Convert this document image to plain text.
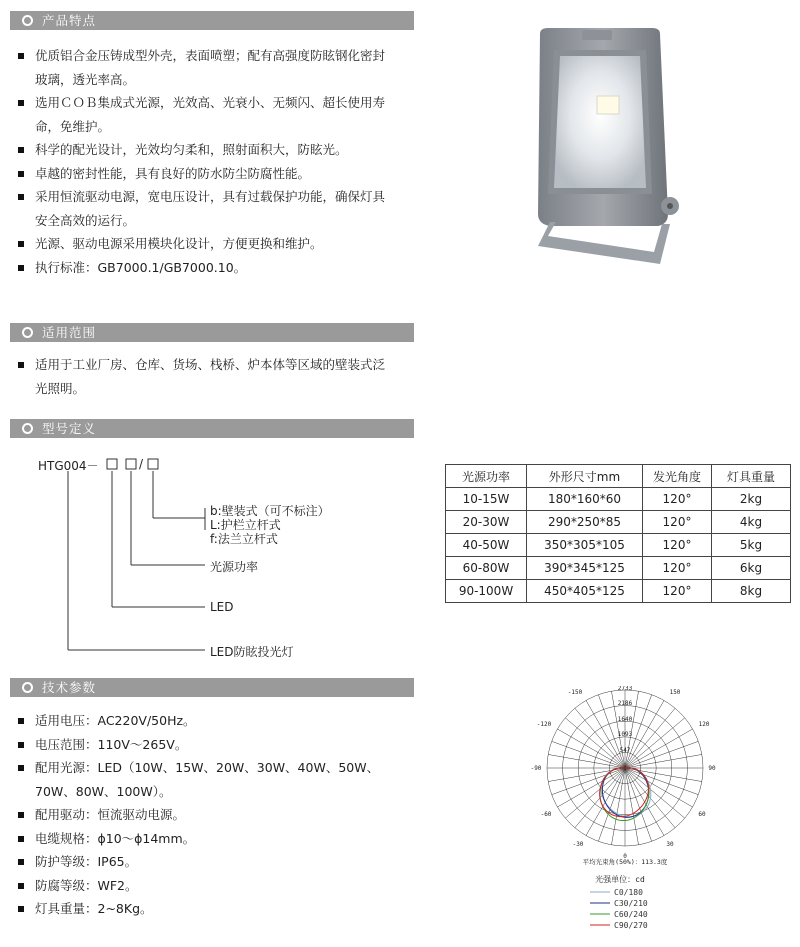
产品特点
优质铝合金压铸成型外壳，表面喷塑；配有高强度防眩钢化密封
玻璃，透光率高。
选用ＣＯＢ集成式光源，光效高、光衰小、无频闪、超长使用寿
命，免维护。
科学的配光设计，光效均匀柔和，照射面积大，防眩光。
卓越的密封性能，具有良好的防水防尘防腐性能。
采用恒流驱动电源，宽电压设计，具有过载保护功能，确保灯具
安全高效的运行。
光源、驱动电源采用模块化设计，方便更换和维护。
执行标准：GB7000.1/GB7000.10。
适用范围
适用于工业厂房、仓库、货场、栈桥、炉本体等区域的壁装式泛
光照明。
型号定义
HTG004－	/
b:壁装式（可不标注）
L:护栏立杆式
f:法兰立杆式
光源功率
LED
LED防眩投光灯
光源功率	外形尺寸mm	发光角度	灯具重量
10-15W	180*160*60	120°	2kg
20-30W	290*250*85	120°	4kg
40-50W	350*305*105	120°	5kg
60-80W	390*345*125	120°	6kg
90-100W	450*405*125	120°	8kg
技术参数
适用电压：AC220V/50Hz。
电压范围：110V～265V。
配用光源：LED（10W、15W、20W、30W、40W、50W、
70W、80W、100W）。
配用驱动：恒流驱动电源。
电缆规格：ϕ10～ϕ14mm。
防护等级：IP65。
防腐等级：WF2。
灯具重量：2~8Kg。
2733
2186
1640
1093
547
-150	150
-120	120
-90	90
-60	60
-30	30
0
平均光束角(50%)：113.3度
光强单位：cd
C0/180
C30/210
C60/240
C90/270
